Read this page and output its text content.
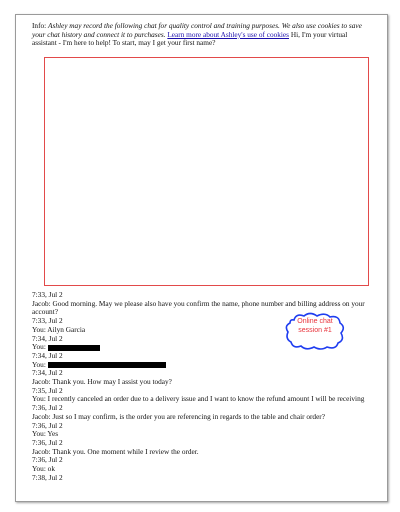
Info: Ashley may record the following chat for quality control and training purposes. We also use cookies to save your chat history and connect it to purchases. Learn more about Ashley's use of cookies Hi, I'm your virtual assistant - I'm here to help! To start, may I get your first name?

7:33, Jul 2

Jacob: Good morning. May we please also have you confirm the name, phone number and billing address on your account?

7:33, Jul 2

You: Ailyn Garcia

7:34, Jul 2

You:

7:34, Jul 2

You:

7:34, Jul 2

Jacob: Thank you. How may I assist you today?

7:35, Jul 2

You: I recently canceled an order due to a delivery issue and I want to know the refund amount I will be receiving

7:36, Jul 2

Jacob: Just so I may confirm, is the order you are referencing in regards to the table and chair order?

7:36, Jul 2

You: Yes

7:36, Jul 2

Jacob: Thank you. One moment while I review the order.

7:36, Jul 2

You: ok

7:38, Jul 2

Online chat
session #1
